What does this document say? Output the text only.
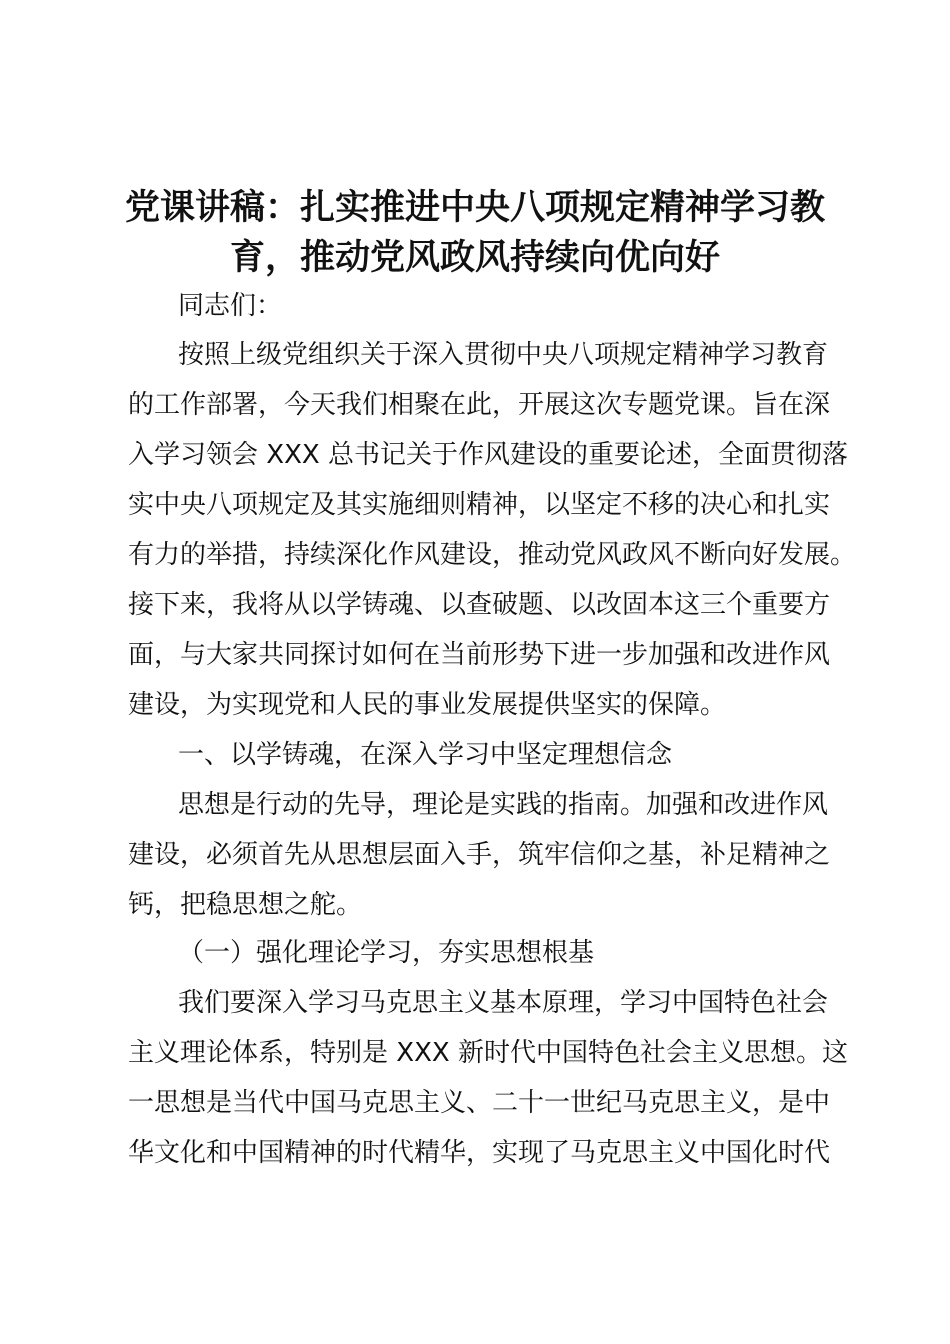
党课讲稿：扎实推进中央八项规定精神学习教
育，推动党风政风持续向优向好

同志们：

按照上级党组织关于深入贯彻中央八项规定精神学习教育

的工作部署，今天我们相聚在此，开展这次专题党课。旨在深

入学习领会 XXX 总书记关于作风建设的重要论述，全面贯彻落

实中央八项规定及其实施细则精神，以坚定不移的决心和扎实

有力的举措，持续深化作风建设，推动党风政风不断向好发展。

接下来，我将从以学铸魂、以查破题、以改固本这三个重要方

面，与大家共同探讨如何在当前形势下进一步加强和改进作风

建设，为实现党和人民的事业发展提供坚实的保障。

一、以学铸魂，在深入学习中坚定理想信念

思想是行动的先导，理论是实践的指南。加强和改进作风

建设，必须首先从思想层面入手，筑牢信仰之基，补足精神之

钙，把稳思想之舵。

（一）强化理论学习，夯实思想根基

我们要深入学习马克思主义基本原理，学习中国特色社会

主义理论体系，特别是 XXX 新时代中国特色社会主义思想。这

一思想是当代中国马克思主义、二十一世纪马克思主义，是中

华文化和中国精神的时代精华，实现了马克思主义中国化时代
